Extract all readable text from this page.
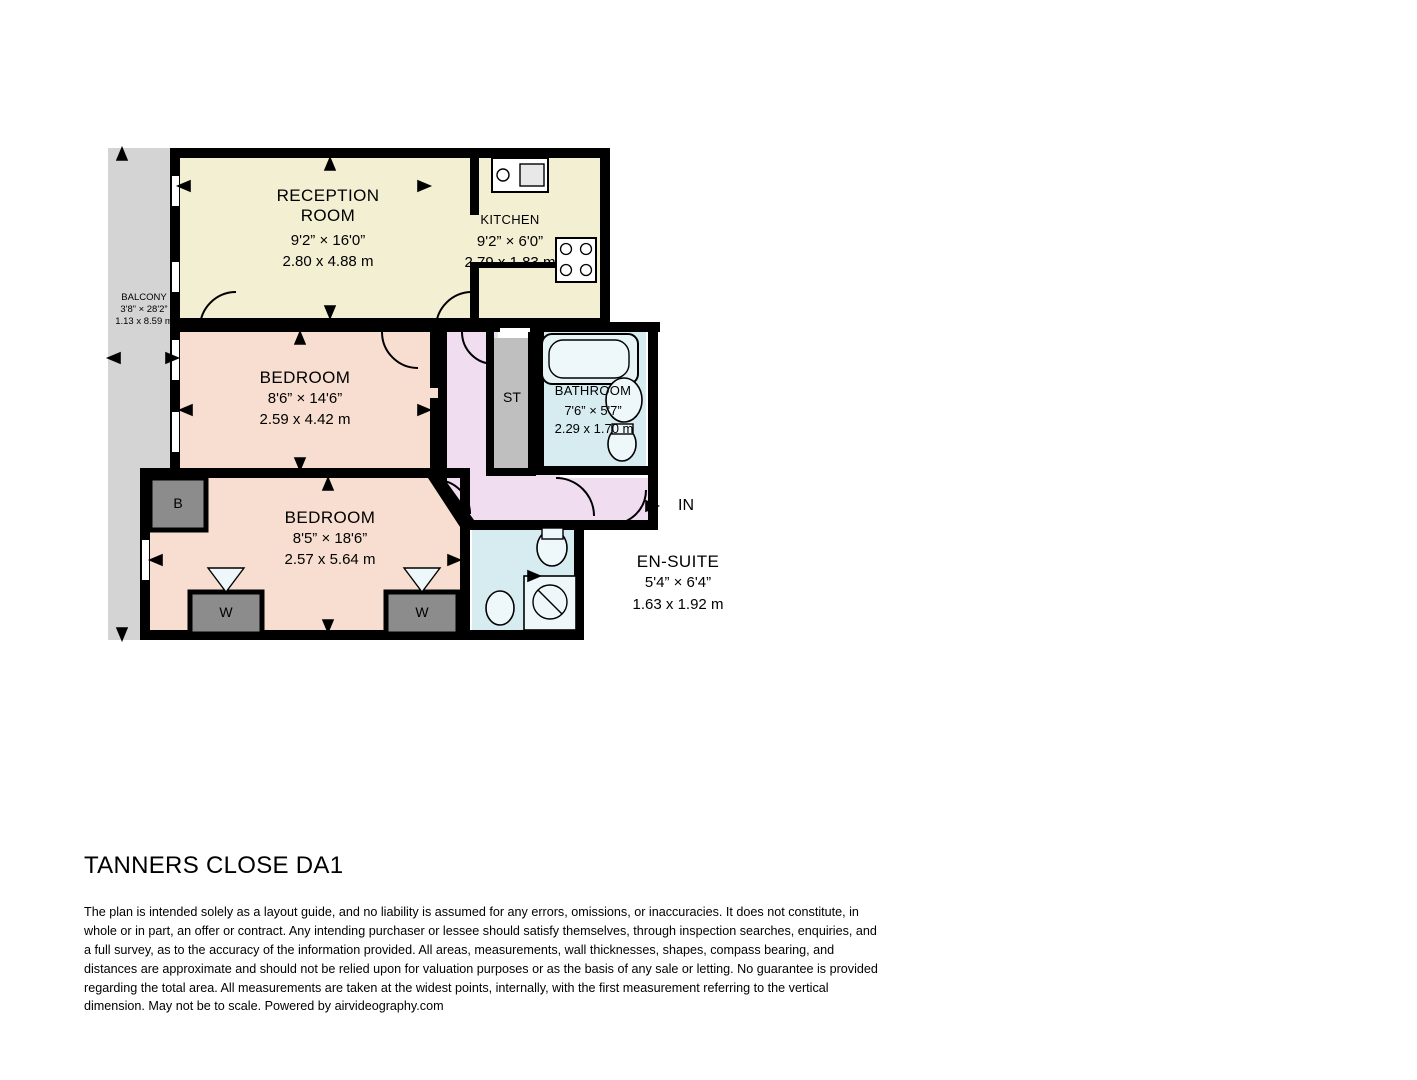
RECEPTION
ROOM
9'2” × 16'0”
2.80 x 4.88 m
KITCHEN
9'2” × 6'0”
2.79 x 1.83 m
BEDROOM
8'6” × 14'6”
2.59 x 4.42 m
BEDROOM
8'5” × 18'6”
2.57 x 5.64 m
BATHROOM
7'6” × 5'7”
2.29 x 1.70 m
EN-SUITE
5'4” × 6'4”
1.63 x 1.92 m
BALCONY
3'8” × 28'2”
1.13 x 8.59 m
ST
B
W	W
IN
TANNERS CLOSE DA1
The plan is intended solely as a layout guide, and no liability is assumed for any errors, omissions, or inaccuracies. It does not constitute, in whole or in part, an offer or contract. Any intending purchaser or lessee should satisfy themselves, through inspection searches, enquiries, and a full survey, as to the accuracy of the information provided. All areas, measurements, wall thicknesses, shapes, compass bearing, and distances are approximate and should not be relied upon for valuation purposes or as the basis of any sale or letting. No guarantee is provided regarding the total area. All measurements are taken at the widest points, internally, with the first measurement referring to the vertical dimension. May not be to scale. Powered by airvideography.com
